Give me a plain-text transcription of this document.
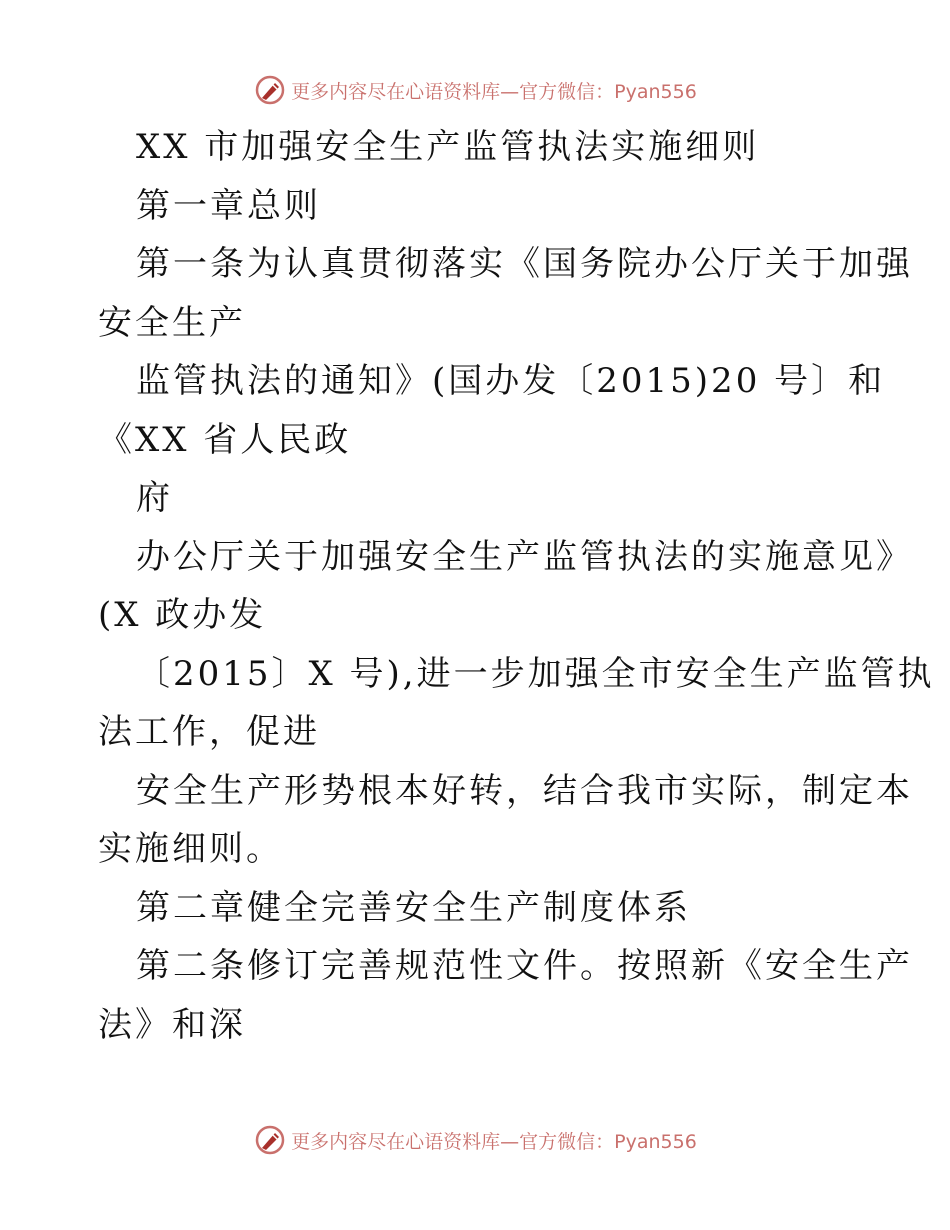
更多内容尽在心语资料库—官方微信：Pyan556

XX 市加强安全生产监管执法实施细则

第一章总则

第一条为认真贯彻落实《国务院办公厅关于加强

安全生产

监管执法的通知》(国办发〔2015)20 号〕和

《XX 省人民政

府

办公厅关于加强安全生产监管执法的实施意见》

(X 政办发

〔2015〕X 号),进一步加强全市安全生产监管执

法工作，促进

安全生产形势根本好转，结合我市实际，制定本

实施细则。

第二章健全完善安全生产制度体系

第二条修订完善规范性文件。按照新《安全生产

法》和深

更多内容尽在心语资料库—官方微信：Pyan556
